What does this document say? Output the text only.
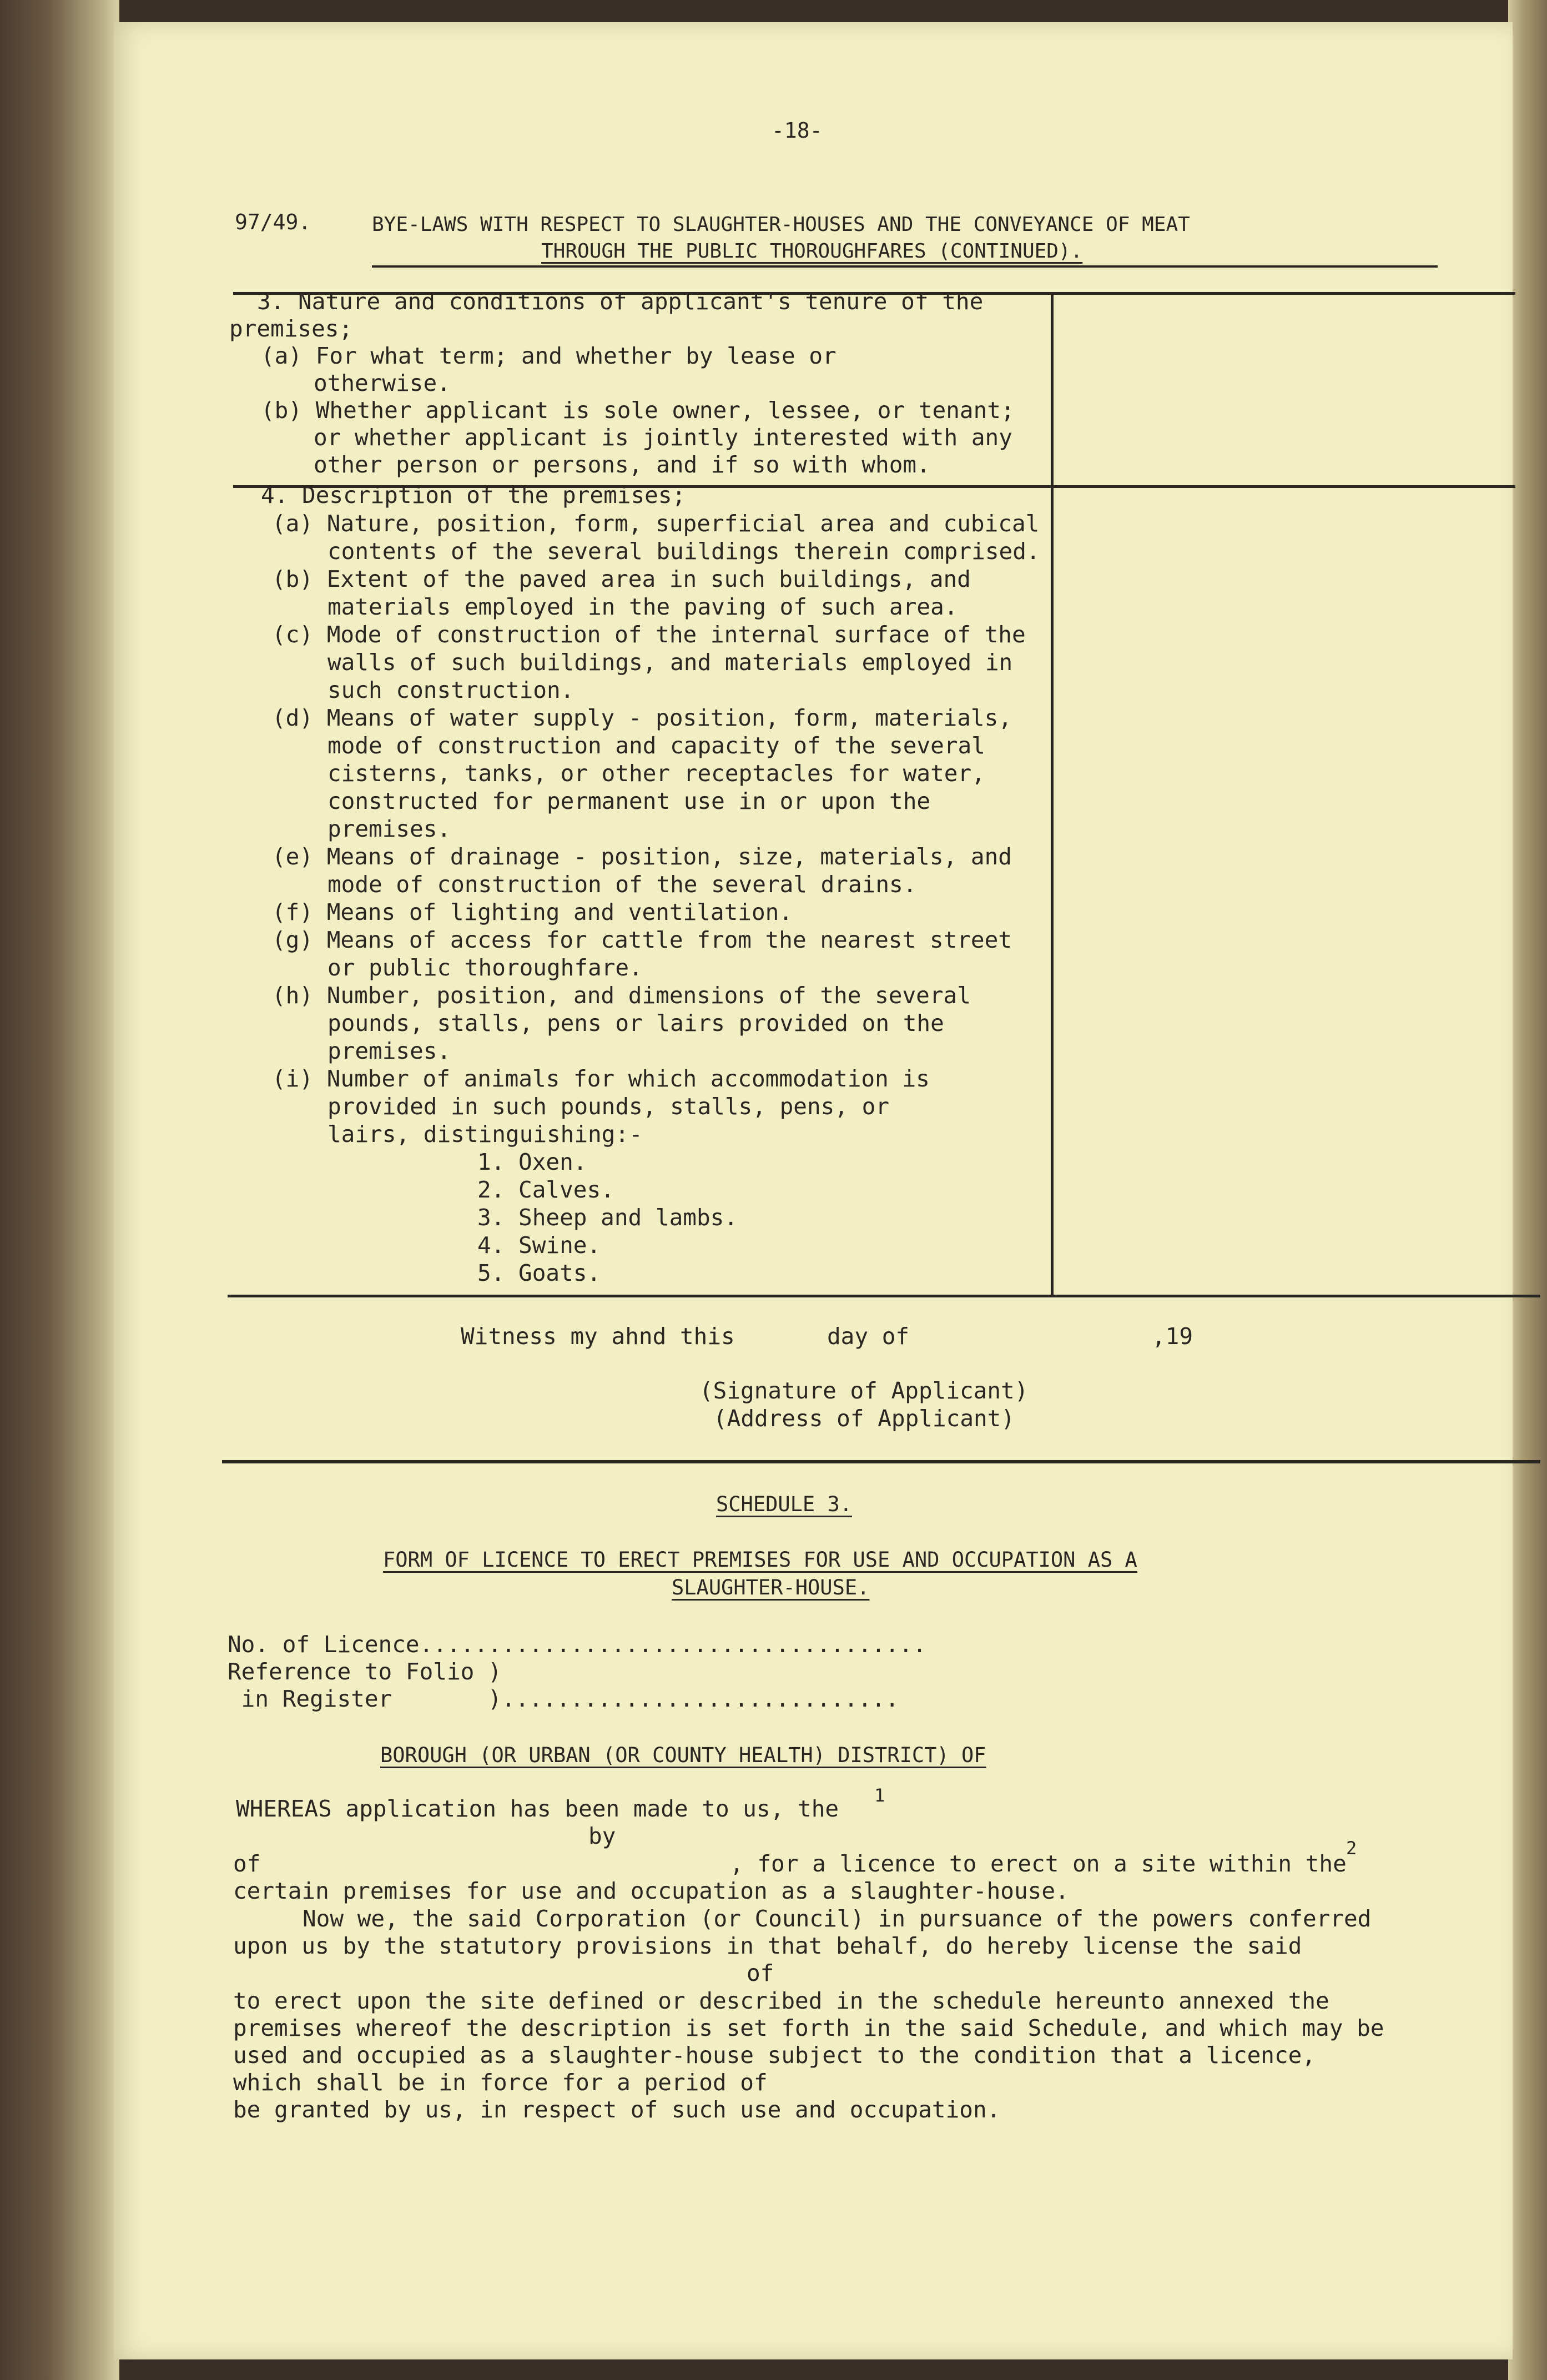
-18-
97/49.	BYE-LAWS WITH RESPECT TO SLAUGHTER-HOUSES AND THE CONVEYANCE OF MEAT
THROUGH THE PUBLIC THOROUGHFARES (CONTINUED).
3. Nature and conditions of applicant's tenure of the
premises;
(a) For what term; and whether by lease or
otherwise.
(b) Whether applicant is sole owner, lessee, or tenant;
or whether applicant is jointly interested with any
other person or persons, and if so with whom.
4. Description of the premises;
(a) Nature, position, form, superficial area and cubical
contents of the several buildings therein comprised.
(b) Extent of the paved area in such buildings, and
materials employed in the paving of such area.
(c) Mode of construction of the internal surface of the
walls of such buildings, and materials employed in
such construction.
(d) Means of water supply - position, form, materials,
mode of construction and capacity of the several
cisterns, tanks, or other receptacles for water,
constructed for permanent use in or upon the
premises.
(e) Means of drainage - position, size, materials, and
mode of construction of the several drains.
(f) Means of lighting and ventilation.
(g) Means of access for cattle from the nearest street
or public thoroughfare.
(h) Number, position, and dimensions of the several
pounds, stalls, pens or lairs provided on the
premises.
(i) Number of animals for which accommodation is
provided in such pounds, stalls, pens, or
lairs, distinguishing:-
1. Oxen.
2. Calves.
3. Sheep and lambs.
4. Swine.
5. Goats.
Witness my ahnd this	day of	,19
(Signature of Applicant)
(Address of Applicant)
SCHEDULE 3.
FORM OF LICENCE TO ERECT PREMISES FOR USE AND OCCUPATION AS A
SLAUGHTER-HOUSE.
No. of Licence.....................................
Reference to Folio )
in Register       ).............................
BOROUGH (OR URBAN (OR COUNTY HEALTH) DISTRICT) OF
WHEREAS application has been made to us, the 1
by
of	, for a licence to erect on a site within the
2
certain premises for use and occupation as a slaughter-house.
Now we, the said Corporation (or Council) in pursuance of the powers conferred
upon us by the statutory provisions in that behalf, do hereby license the said
of
to erect upon the site defined or described in the schedule hereunto annexed the
premises whereof the description is set forth in the said Schedule, and which may be
used and occupied as a slaughter-house subject to the condition that a licence,
which shall be in force for a period of
be granted by us, in respect of such use and occupation.
